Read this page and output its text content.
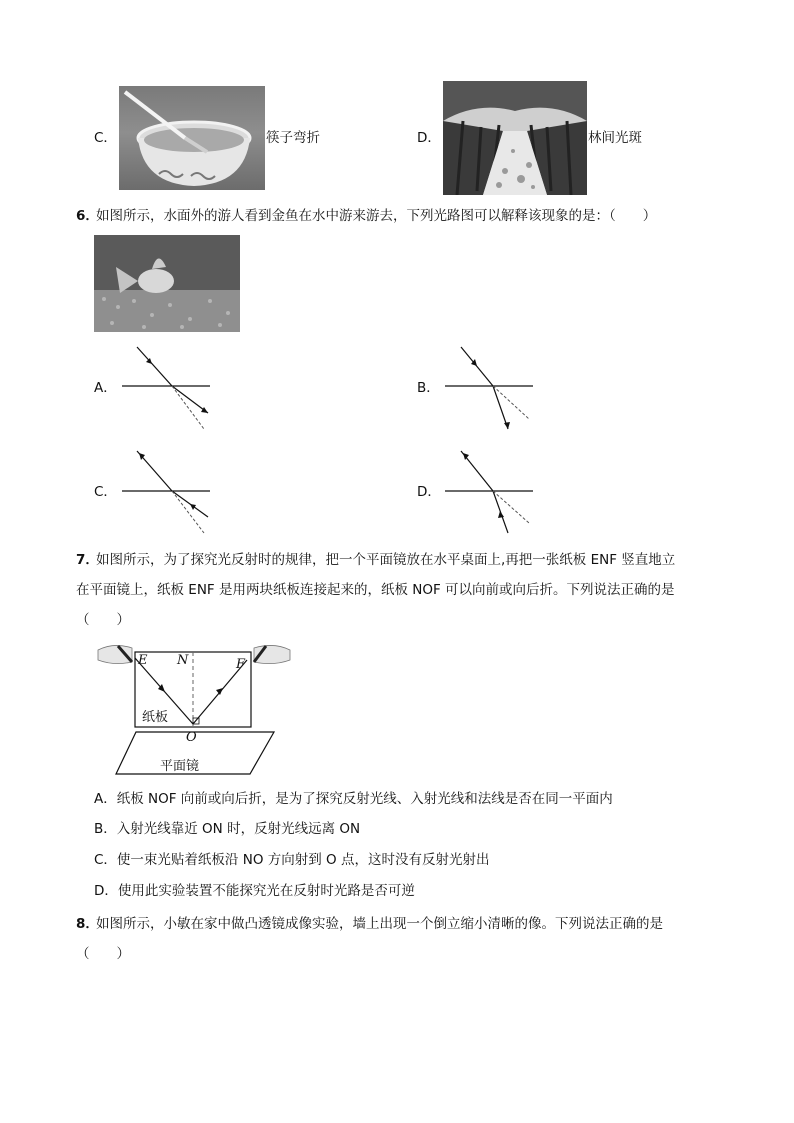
C．	筷子弯折	D．	林间光斑
6．
如图所示，水面外的游人看到金鱼在水中游来游去，下列光路图可以解释该现象的是：（　　）
A．	B．
C．	D．
7．
如图所示，为了探究光反射时的规律，把一个平面镜放在水平桌面上,再把一张纸板 ENF 竖直地立
在平面镜上，纸板 ENF 是用两块纸板连接起来的，纸板 NOF 可以向前或向后折。下列说法正确的是
（　　）
E N	F
O
纸板
平面镜
A．纸板 NOF 向前或向后折，是为了探究反射光线、入射光线和法线是否在同一平面内
B．入射光线靠近 ON 时，反射光线远离 ON
C．使一束光贴着纸板沿 NO 方向射到 O 点，这时没有反射光射出
D．使用此实验装置不能探究光在反射时光路是否可逆
8．
如图所示，小敏在家中做凸透镜成像实验，墙上出现一个倒立缩小清晰的像。下列说法正确的是
（　　）
